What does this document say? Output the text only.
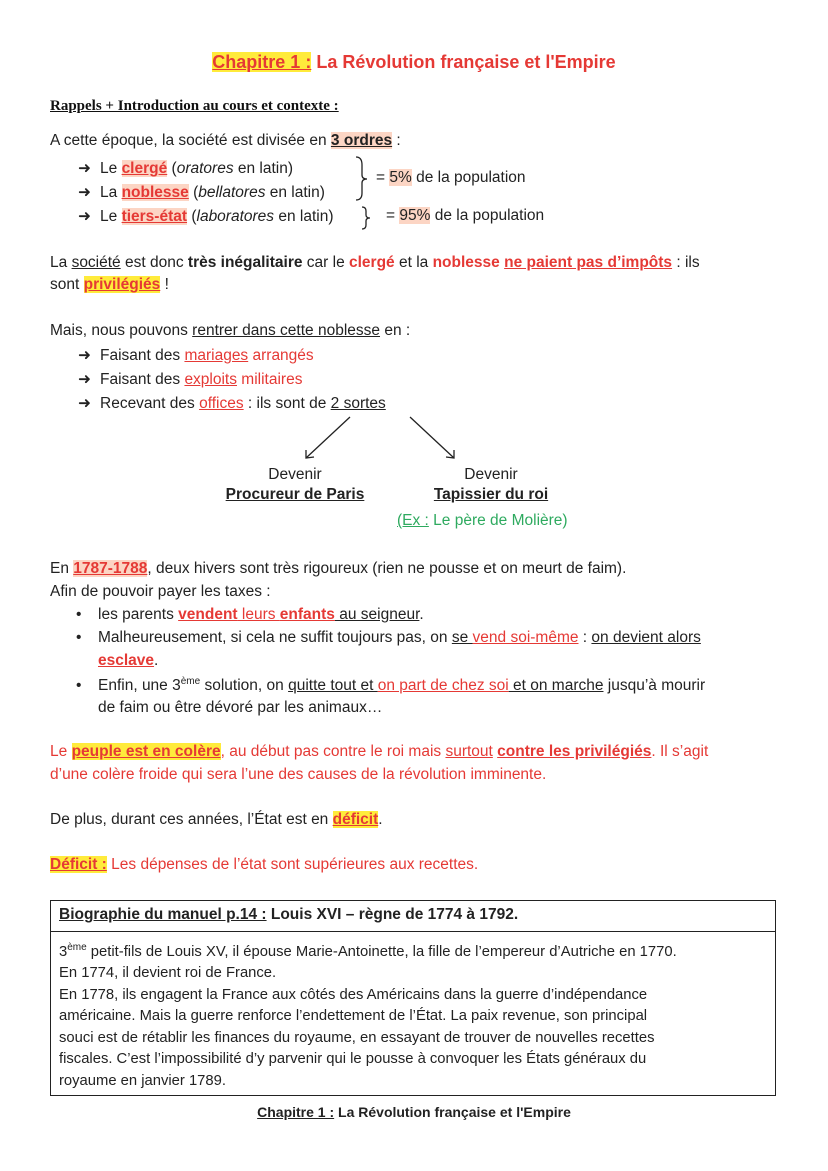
Chapitre 1 : La Révolution française et l'Empire
Rappels + Introduction au cours et contexte :
A cette époque, la société est divisée en 3 ordres :
➜ Le clergé (oratores en latin)
➜ La noblesse (bellatores en latin)
➜ Le tiers-état (laboratores en latin)
= 5% de la population
= 95% de la population
La société est donc très inégalitaire car le clergé et la noblesse ne paient pas d’impôts : ils
sont privilégiés !
Mais, nous pouvons rentrer dans cette noblesse en :
➜ Faisant des mariages arrangés
➜ Faisant des exploits militaires
➜ Recevant des offices : ils sont de 2 sortes
Devenir
Procureur de Paris
Devenir
Tapissier du roi
(Ex : Le père de Molière)
En 1787-1788, deux hivers sont très rigoureux (rien ne pousse et on meurt de faim).
Afin de pouvoir payer les taxes :
• les parents vendent leurs enfants au seigneur.
• Malheureusement, si cela ne suffit toujours pas, on se vend soi-même : on devient alors
esclave.
• Enfin, une 3ème solution, on quitte tout et on part de chez soi et on marche jusqu’à mourir
de faim ou être dévoré par les animaux…
Le peuple est en colère, au début pas contre le roi mais surtout contre les privilégiés. Il s’agit
d’une colère froide qui sera l’une des causes de la révolution imminente.
De plus, durant ces années, l’État est en déficit.
Déficit : Les dépenses de l’état sont supérieures aux recettes.
Biographie du manuel p.14 : Louis XVI – règne de 1774 à 1792.
3ème petit-fils de Louis XV, il épouse Marie-Antoinette, la fille de l’empereur d’Autriche en 1770.
En 1774, il devient roi de France.
En 1778, ils engagent la France aux côtés des Américains dans la guerre d’indépendance
américaine. Mais la guerre renforce l’endettement de l’État. La paix revenue, son principal
souci est de rétablir les finances du royaume, en essayant de trouver de nouvelles recettes
fiscales. C’est l’impossibilité d’y parvenir qui le pousse à convoquer les États généraux du
royaume en janvier 1789.
Chapitre 1 : La Révolution française et l'Empire
